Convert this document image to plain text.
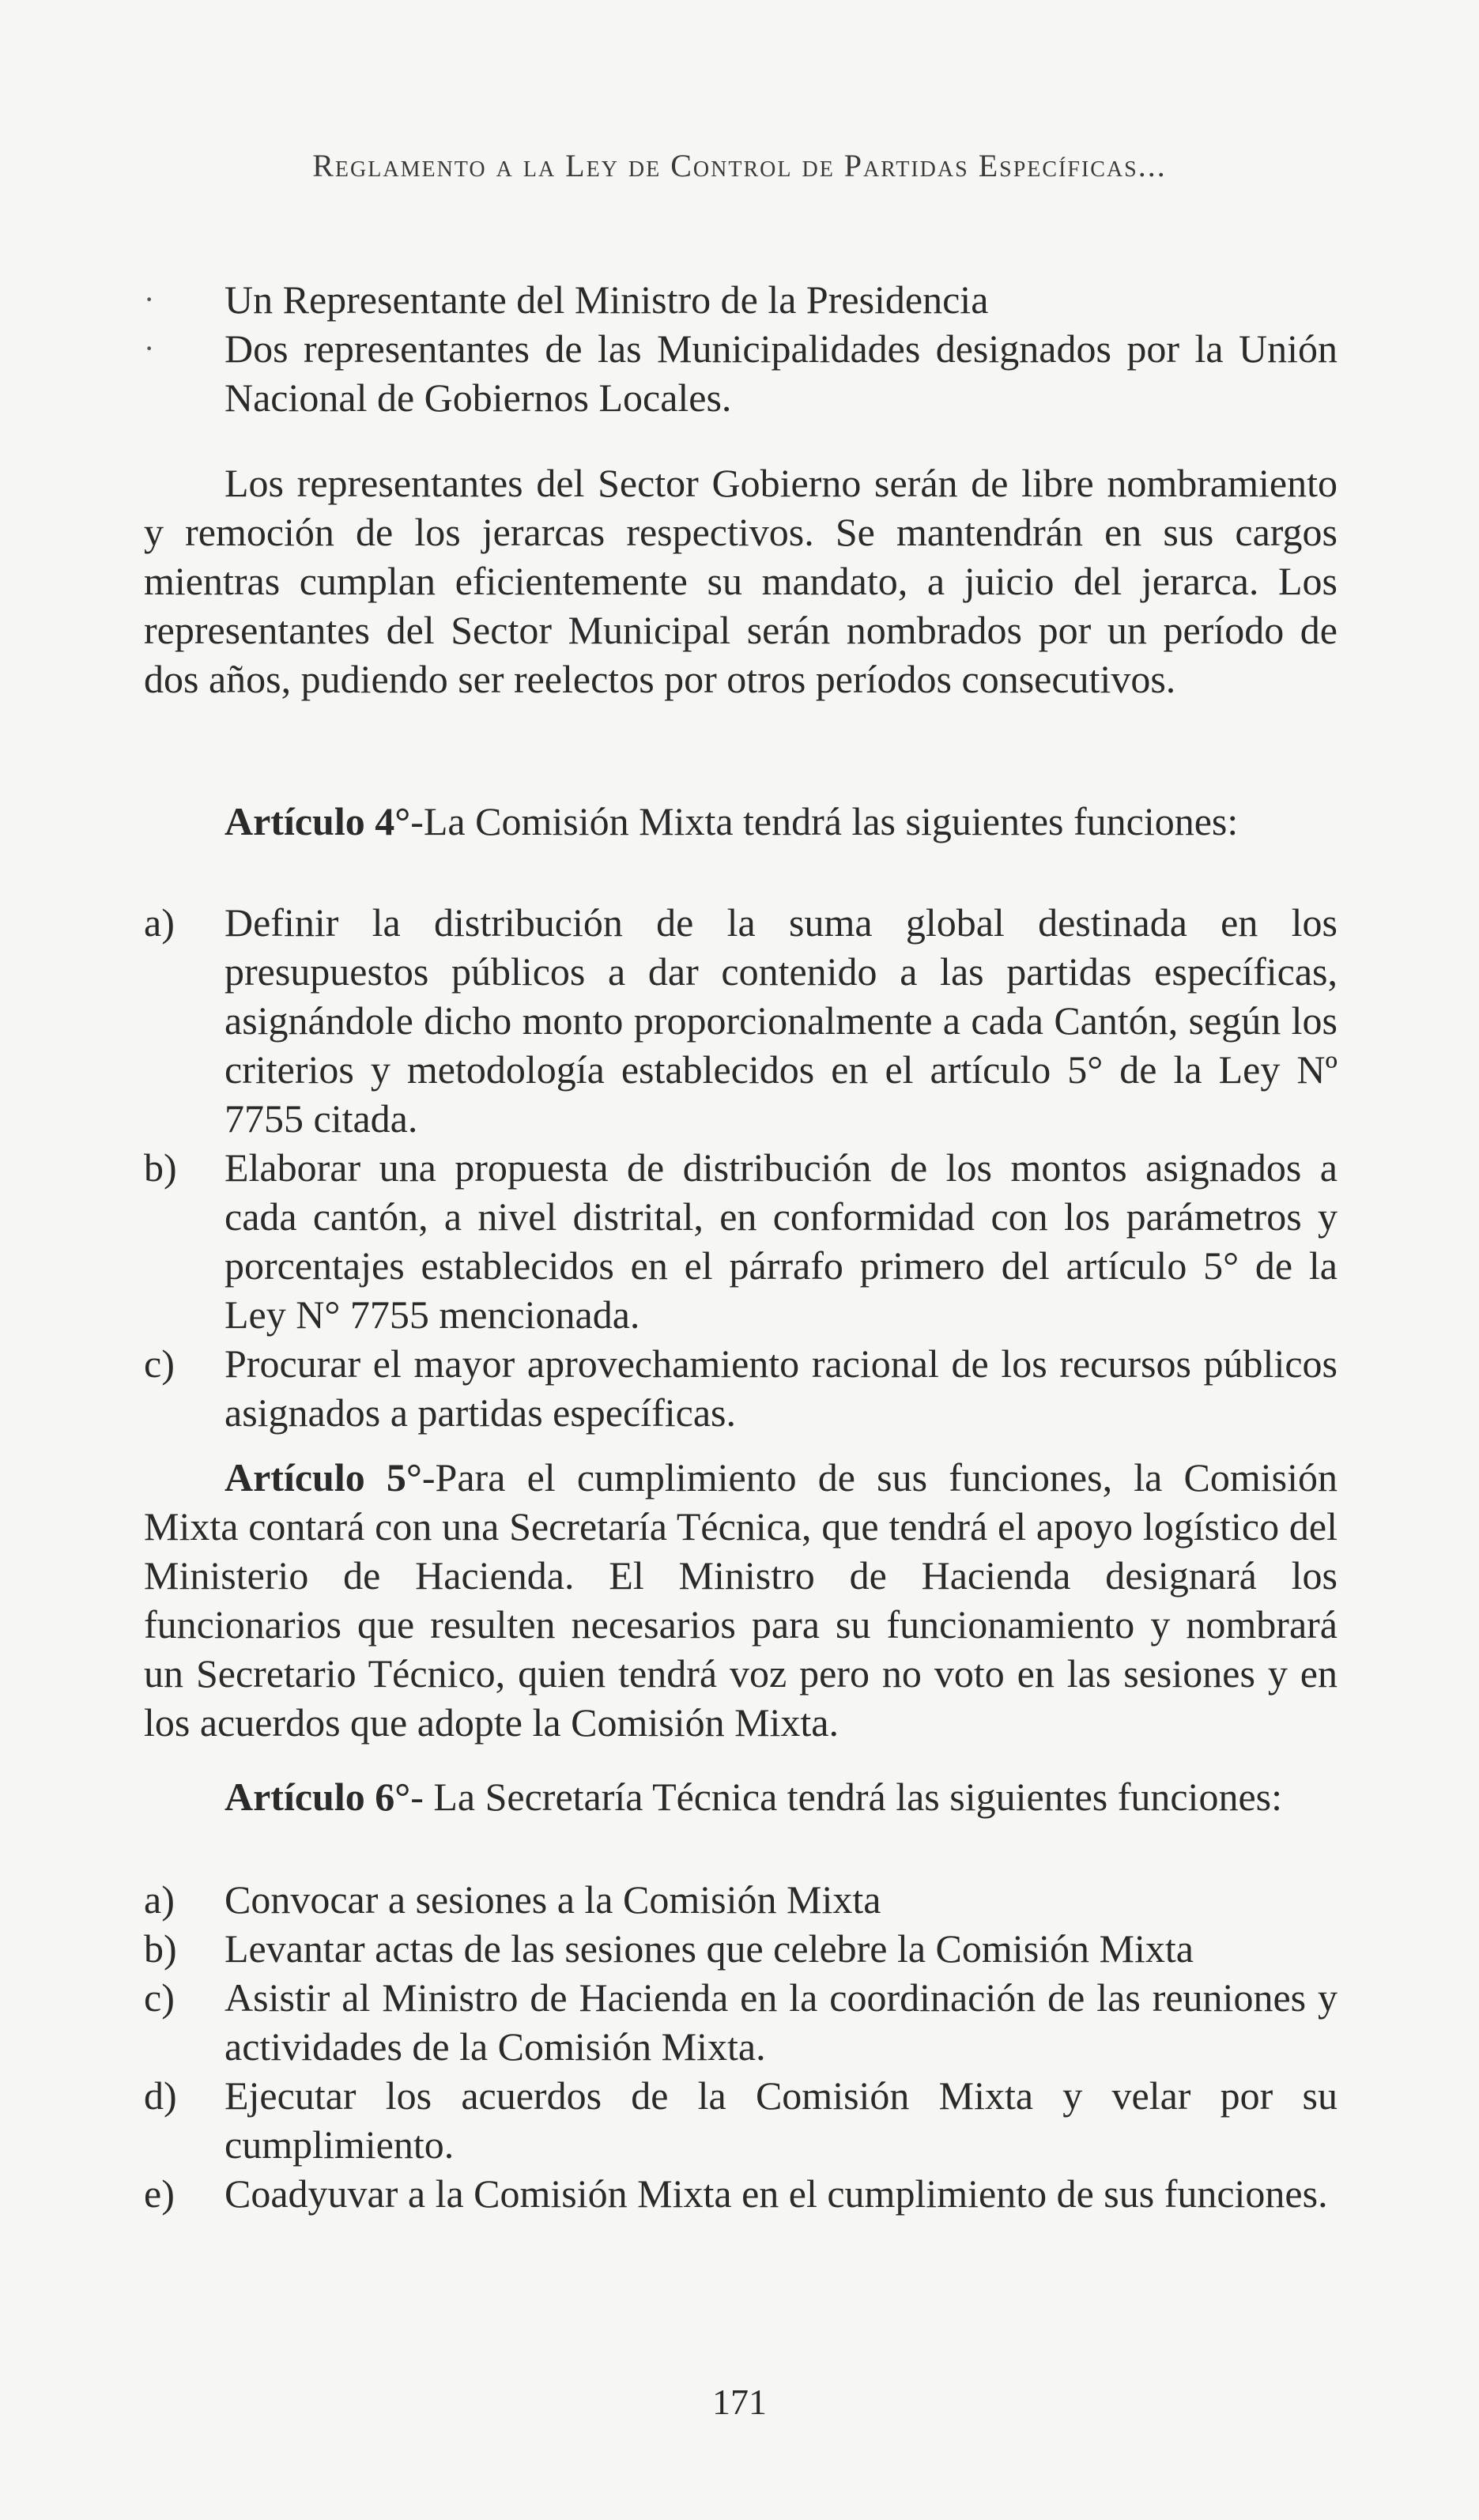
Reglamento a la Ley de Control de Partidas Específicas...
·	Un Representante del Ministro de la Presidencia
·	Dos representantes de las Municipalidades designados por la Unión Nacional de Gobiernos Locales.

Los representantes del Sector Gobierno serán de libre nombramiento y remoción de los jerarcas respectivos. Se mantendrán en sus cargos mientras cumplan eficientemente su mandato, a juicio del jerarca. Los representantes del Sector Municipal serán nombrados por un período de dos años, pudiendo ser reelectos por otros períodos consecutivos.

Artículo 4°-La Comisión Mixta tendrá las siguientes funciones:

a) Definir la distribución de la suma global destinada en los presupuestos públicos a dar contenido a las partidas específicas, asignándole dicho monto proporcionalmente a cada Cantón, según los criterios y metodología establecidos en el artículo 5° de la Ley Nº 7755 citada.
b) Elaborar una propuesta de distribución de los montos asignados a cada cantón, a nivel distrital, en conformidad con los parámetros y porcentajes establecidos en el párrafo primero del artículo 5° de la Ley N° 7755 mencionada.
c) Procurar el mayor aprovechamiento racional de los recursos públicos asignados a partidas específicas.

Artículo 5°-Para el cumplimiento de sus funciones, la Comisión Mixta contará con una Secretaría Técnica, que tendrá el apoyo logístico del Ministerio de Hacienda. El Ministro de Hacienda designará los funcionarios que resulten necesarios para su funcionamiento y nombrará un Secretario Técnico, quien tendrá voz pero no voto en las sesiones y en los acuerdos que adopte la Comisión Mixta.

Artículo 6°- La Secretaría Técnica tendrá las siguientes funciones:

a) Convocar a sesiones a la Comisión Mixta
b) Levantar actas de las sesiones que celebre la Comisión Mixta
c) Asistir al Ministro de Hacienda en la coordinación de las reuniones y actividades de la Comisión Mixta.
d) Ejecutar los acuerdos de la Comisión Mixta y velar por su cumplimiento.
e) Coadyuvar a la Comisión Mixta en el cumplimiento de sus funciones.
171
